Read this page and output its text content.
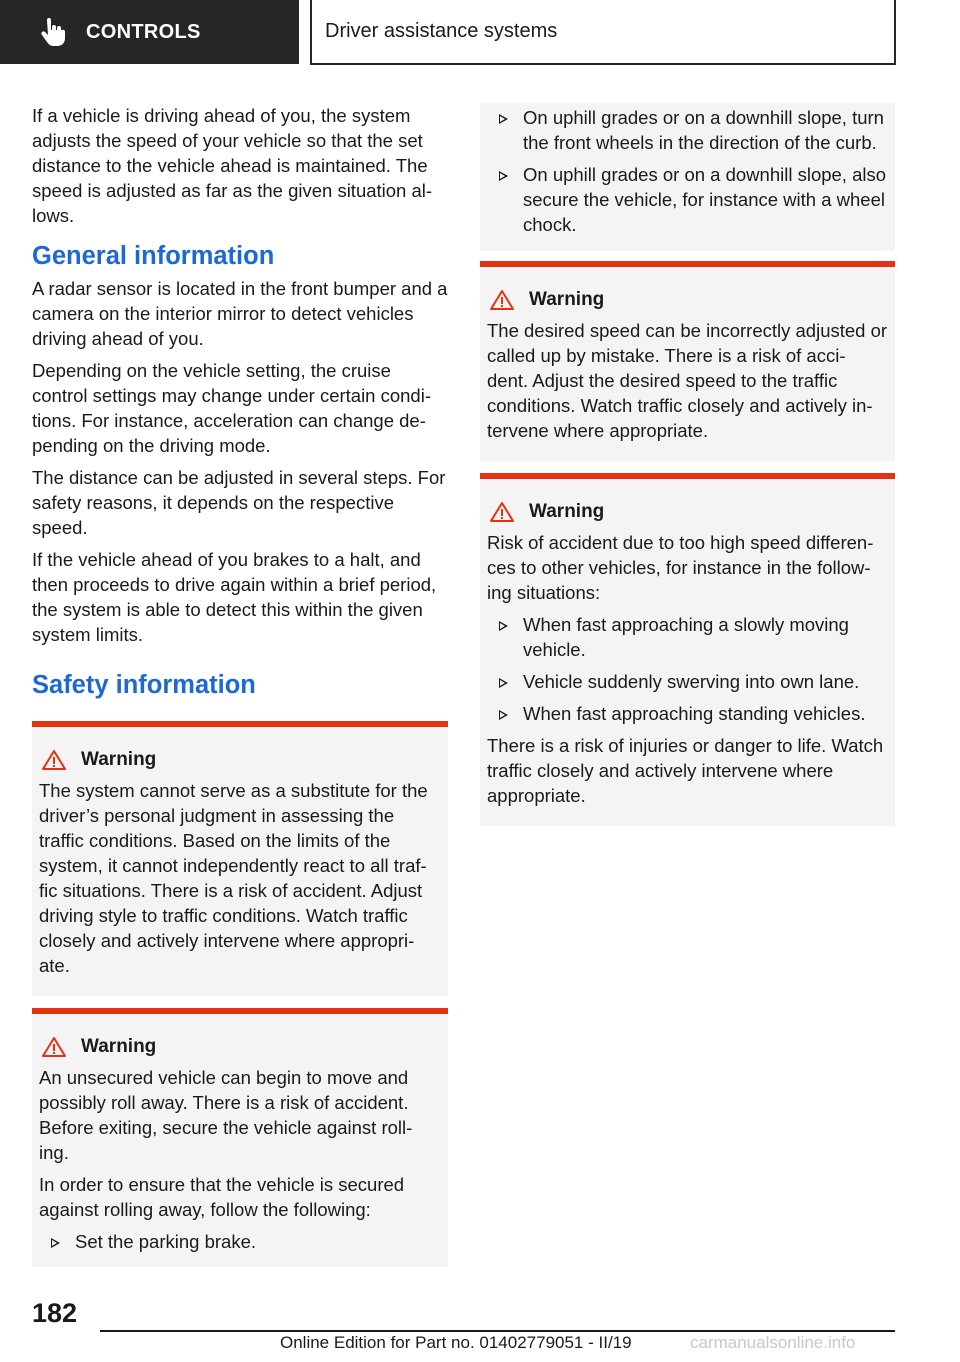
CONTROLS	Driver assistance systems

If a vehicle is driving ahead of you, the system adjusts the speed of your vehicle so that the set distance to the vehicle ahead is maintained. The speed is adjusted as far as the given situation al‐ lows.

General information

A radar sensor is located in the front bumper and a camera on the interior mirror to detect vehicles driving ahead of you.

Depending on the vehicle setting, the cruise control settings may change under certain condi‐ tions. For instance, acceleration can change de‐ pending on the driving mode.

The distance can be adjusted in several steps. For safety reasons, it depends on the respective speed.

If the vehicle ahead of you brakes to a halt, and then proceeds to drive again within a brief period, the system is able to detect this within the given system limits.

Safety information
Warning

The system cannot serve as a substitute for the driver’s personal judgment in assessing the traffic conditions. Based on the limits of the system, it cannot independently react to all traf‐ fic situations. There is a risk of accident. Adjust driving style to traffic conditions. Watch traffic closely and actively intervene where appropri‐ ate.

Warning

An unsecured vehicle can begin to move and possibly roll away. There is a risk of accident. Before exiting, secure the vehicle against roll‐ ing.

In order to ensure that the vehicle is secured against rolling away, follow the following:

Set the parking brake.
On uphill grades or on a downhill slope, turn the front wheels in the direction of the curb.
On uphill grades or on a downhill slope, also secure the vehicle, for instance with a wheel chock.
Warning

The desired speed can be incorrectly adjusted or called up by mistake. There is a risk of acci‐ dent. Adjust the desired speed to the traffic conditions. Watch traffic closely and actively in‐ tervene where appropriate.

Warning

Risk of accident due to too high speed differen‐ ces to other vehicles, for instance in the follow‐ ing situations:

When fast approaching a slowly moving vehicle.
Vehicle suddenly swerving into own lane.
When fast approaching standing vehicles.

There is a risk of injuries or danger to life. Watch traffic closely and actively intervene where appropriate.

182
Online Edition for Part no. 01402779051 - II/19	carmanualsonline.info
